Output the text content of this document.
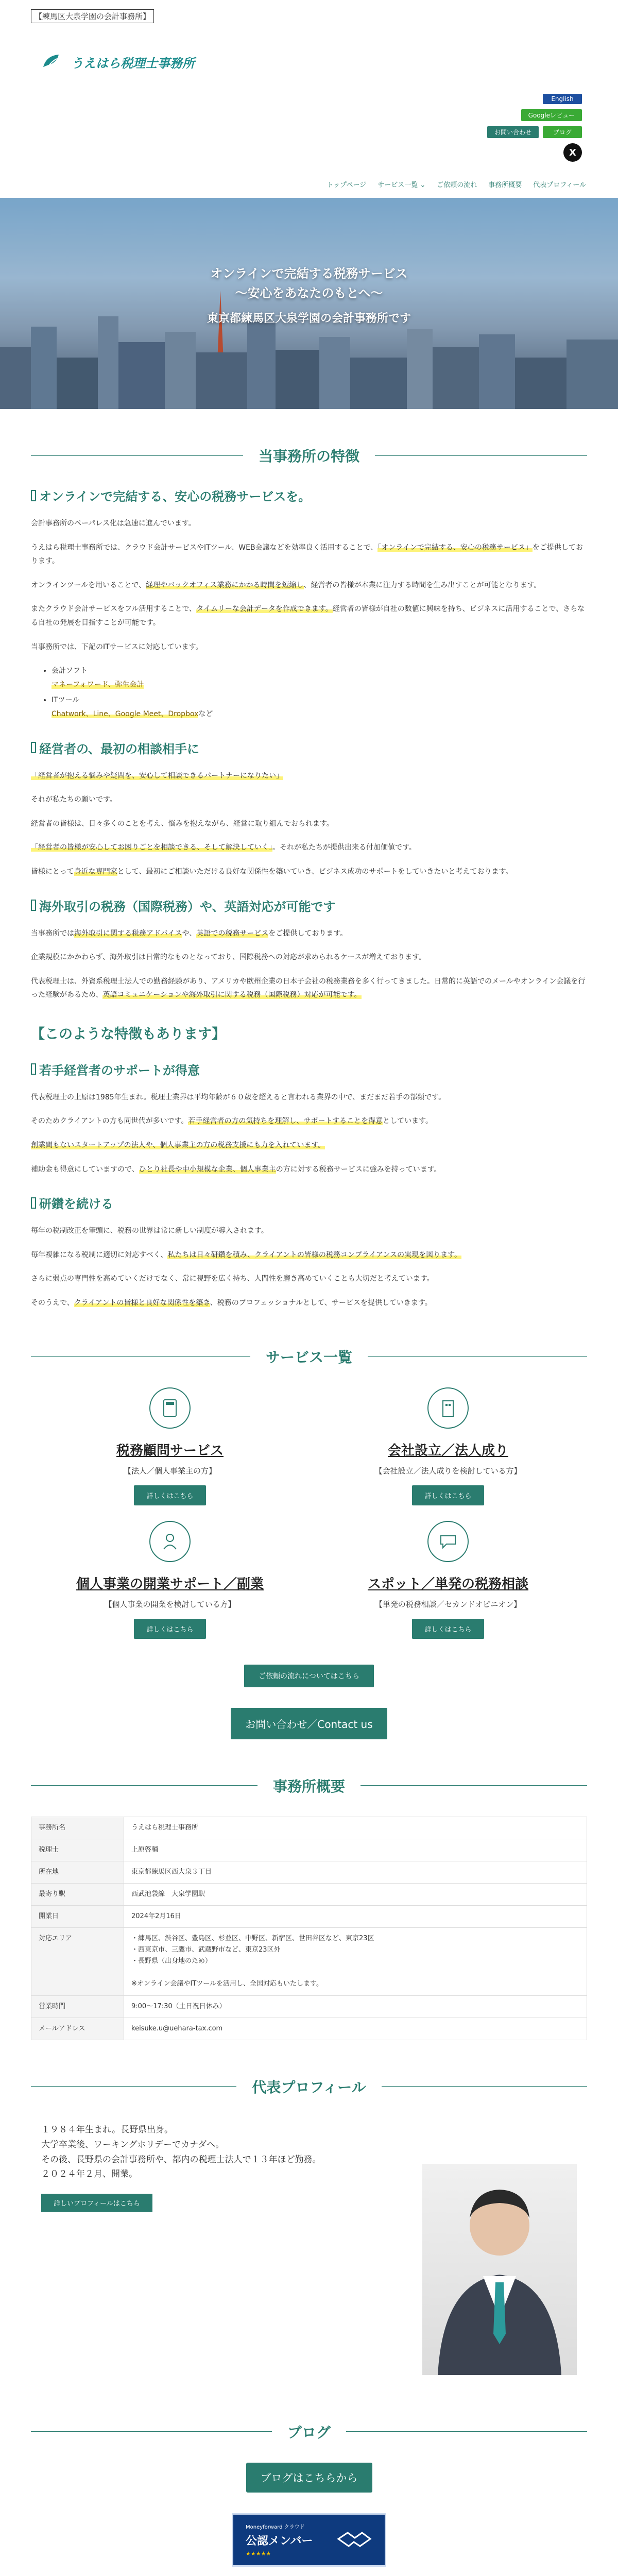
【練馬区大泉学園の会計事務所】
うえはら税理士事務所
English
Googleレビュー
お問い合わせ	ブログ
X
トップページ サービス一覧 ⌄ ご依頼の流れ 事務所概要 代表プロフィール
オンラインで完結する税務サービス
〜安心をあなたのもとへ〜
東京都練馬区大泉学園の会計事務所です
当事務所の特徴
オンラインで完結する、安心の税務サービスを。

会計事務所のペーパレス化は急速に進んでいます。

うえはら税理士事務所では、クラウド会計サービスやITツール、WEB会議などを効率良く活用することで、「オンラインで完結する、安心の税務サービス」をご提供しております。

オンラインツールを用いることで、経理やバックオフィス業務にかかる時間を短縮し、経営者の皆様が本業に注力する時間を生み出すことが可能となります。

またクラウド会計サービスをフル活用することで、タイムリーな会計データを作成できます。経営者の皆様が自社の数値に興味を持ち、ビジネスに活用することで、さらなる自社の発展を目指すことが可能です。

当事務所では、下記のITサービスに対応しています。

• 会計ソフト
マネーフォワード、弥生会計
• ITツール
Chatwork、Line、Google Meet、Dropboxなど
経営者の、最初の相談相手に

「経営者が抱える悩みや疑問を、安心して相談できるパートナーになりたい」

それが私たちの願いです。

経営者の皆様は、日々多くのことを考え、悩みを抱えながら、経営に取り組んでおられます。

「経営者の皆様が安心してお困りごとを相談できる、そして解決していく」。それが私たちが提供出来る付加価値です。

皆様にとって身近な専門家として、最初にご相談いただける良好な関係性を築いていき、ビジネス成功のサポートをしていきたいと考えております。

海外取引の税務（国際税務）や、英語対応が可能です

当事務所では海外取引に関する税務アドバイスや、英語での税務サービスをご提供しております。

企業規模にかかわらず、海外取引は日常的なものとなっており、国際税務への対応が求められるケースが増えております。

代表税理士は、外資系税理士法人での勤務経験があり、アメリカや欧州企業の日本子会社の税務業務を多く行ってきました。日常的に英語でのメールやオンライン会議を行った経験があるため、英語コミュニケーションや海外取引に関する税務（国際税務）対応が可能です。

【このような特徴もあります】
若手経営者のサポートが得意

代表税理士の上原は1985年生まれ。税理士業界は平均年齢が６０歳を超えると言われる業界の中で、まだまだ若手の部類です。

そのためクライアントの方も同世代が多いです。若手経営者の方の気持ちを理解し、サポートすることを得意としています。

創業間もないスタートアップの法人や、個人事業主の方の税務支援にも力を入れています。

補助金も得意にしていますので、ひとり社長や中小規模な企業、個人事業主の方に対する税務サービスに強みを持っています。

研鑽を続ける

毎年の税制改正を筆頭に、税務の世界は常に新しい制度が導入されます。

毎年複雑になる税制に適切に対応すべく、私たちは日々研鑽を積み、クライアントの皆様の税務コンプライアンスの実現を図ります。

さらに弱点の専門性を高めていくだけでなく、常に視野を広く持ち、人間性を磨き高めていくことも大切だと考えています。

そのうえで、クライアントの皆様と良好な関係性を築き、税務のプロフェッショナルとして、サービスを提供していきます。

サービス一覧
税務顧問サービス
【法人／個人事業主の方】
詳しくはこちら
会社設立／法人成り
【会社設立／法人成りを検討している方】
詳しくはこちら
個人事業の開業サポート／副業
【個人事業の開業を検討している方】
詳しくはこちら
スポット／単発の税務相談
【単発の税務相談／セカンドオピニオン】
詳しくはこちら
ご依頼の流れについてはこちら
お問い合わせ／Contact us
事務所概要
事務所名	うえはら税理士事務所
税理士	上原啓輔
所在地	東京都練馬区西大泉３丁目
最寄り駅	西武池袋線　大泉学園駅
開業日	2024年2月16日
対応エリア	・練馬区、渋谷区、豊島区、杉並区、中野区、新宿区、世田谷区など、東京23区
・西東京市、三鷹市、武蔵野市など、東京23区外
・長野県（出身地のため）

※オンライン会議やITツールを活用し、全国対応もいたします。
営業時間	9:00〜17:30（土日祝日休み）
メールアドレス	keisuke.u@uehara-tax.com
代表プロフィール
１９８４年生まれ。長野県出身。
大学卒業後、ワーキングホリデーでカナダへ。
その後、長野県の会計事務所や、都内の税理士法人で１３年ほど勤務。
２０２４年２月、開業。
詳しいプロフィールはこちら
ブログ
ブログはこちらから
Moneyforward クラウド
公認メンバー
★★★★★
